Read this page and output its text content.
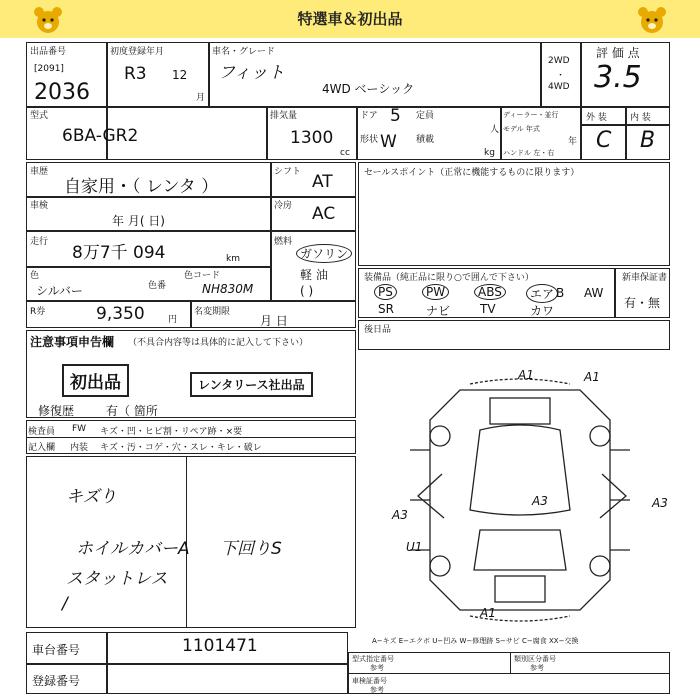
特選車＆初出品
出品番号
[2091]
2036
初度登録年月
R3 12
月
車名・グレード
フィット
4WD ベーシック
2WD
・
4WD
評 価 点
3.5
型式
6BA-GR2
排気量
1300
cc
ドア 5 定員
人
形状 W 積載
kg
ディーラー・並行
モデル 年式
年
ハンドル 左・右
外 装	内 装
C B
車歴
自家用・（ レンタ ）
シフト AT
車検
年 月( 日)
冷房 AC
走行
8万7千 094	km
燃料
ガソリン
軽 油
( )
色
シルバー	色番
色コード
NH830M
R券	9,350	円
名変期限
月 日
注意事項申告欄 （不具合内容等は具体的に記入して下さい）
初出品	レンタリース社出品
修復歴	有（ 箇所
検査員
記入欄
FW キズ・凹・ヒビ割・リペア跡・×要
内装 キズ・汚・コゲ・穴・スレ・キレ・破レ
キズり
ホイルカバーA 下回りS
スタットレス
/
セールスポイント（正常に機能するものに限ります）
装備品（純正品に限り○で囲んで下さい）	新車保証書
有・無
PS	PW	ABS	エア B AW
SR	ナビ TV	カワ
後日品
A1	A1
A3
A3
A3
U1
A1
A−キズ E−エクボ U−凹み W−修理跡 S−サビ C−腐食 XX−交換
車台番号	1101471
登録番号
型式指定番号
参考
類別区分番号
参考
車検証番号
参考
